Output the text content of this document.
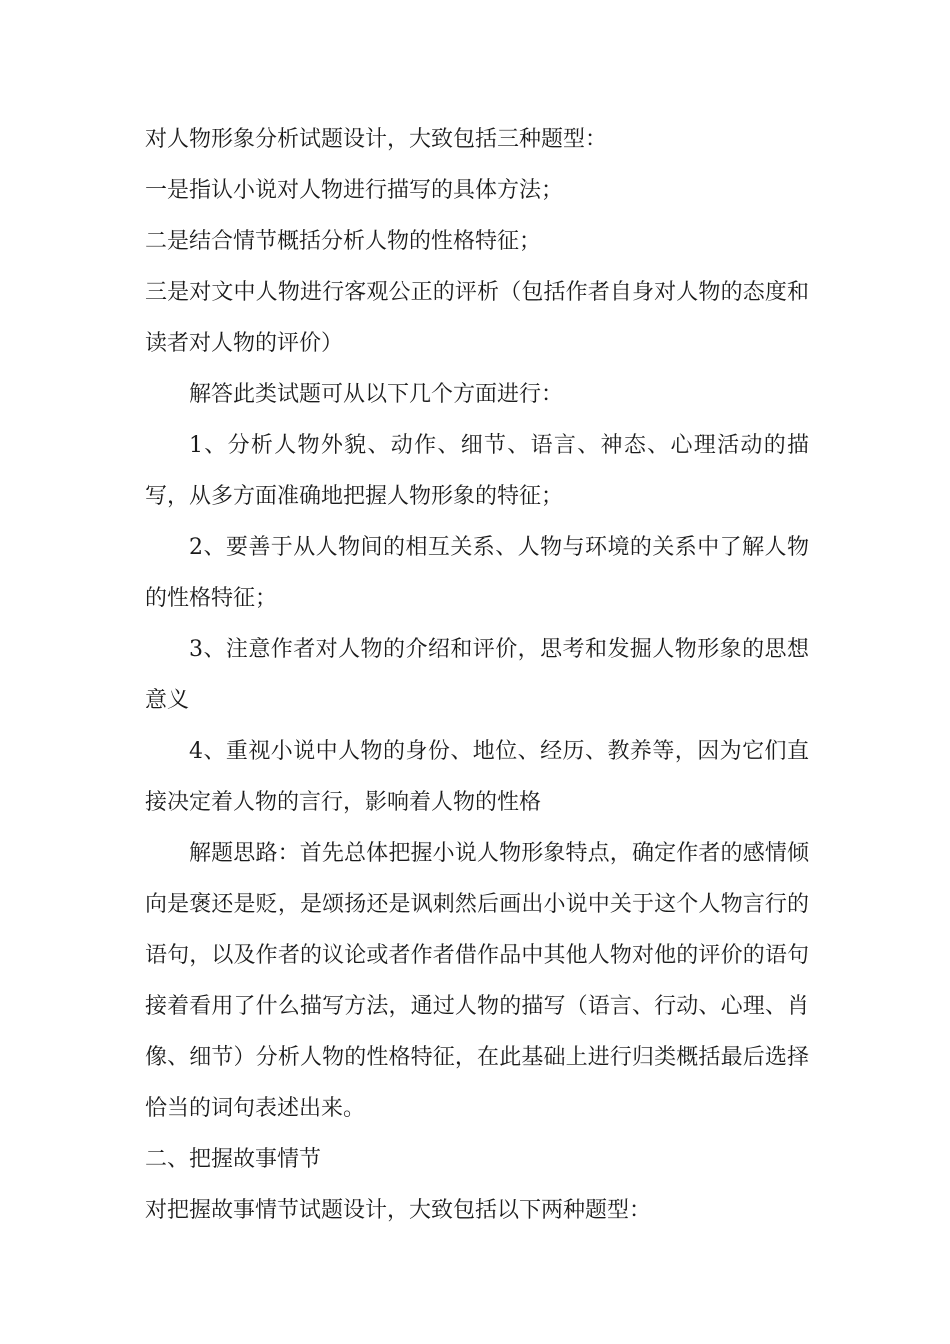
对人物形象分析试题设计，大致包括三种题型：

一是指认小说对人物进行描写的具体方法；

二是结合情节概括分析人物的性格特征；

三是对文中人物进行客观公正的评析（包括作者自身对人物的态度和读者对人物的评价）

解答此类试题可从以下几个方面进行：

1、分析人物外貌、动作、细节、语言、神态、心理活动的描写，从多方面准确地把握人物形象的特征；

2、要善于从人物间的相互关系、人物与环境的关系中了解人物的性格特征；

3、注意作者对人物的介绍和评价，思考和发掘人物形象的思想意义

4、重视小说中人物的身份、地位、经历、教养等，因为它们直接决定着人物的言行，影响着人物的性格

解题思路：首先总体把握小说人物形象特点，确定作者的感情倾向是褒还是贬，是颂扬还是讽刺然后画出小说中关于这个人物言行的语句，以及作者的议论或者作者借作品中其他人物对他的评价的语句接着看用了什么描写方法，通过人物的描写（语言、行动、心理、肖像、细节）分析人物的性格特征，在此基础上进行归类概括最后选择恰当的词句表述出来。

二、把握故事情节

对把握故事情节试题设计，大致包括以下两种题型：
